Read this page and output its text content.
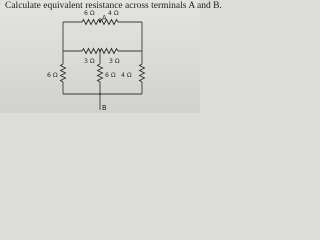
Calculate equivalent resistance across terminals A and B.

A
6 Ω 4 Ω
3 Ω 3 Ω
6 Ω	6 Ω 4 Ω
B
